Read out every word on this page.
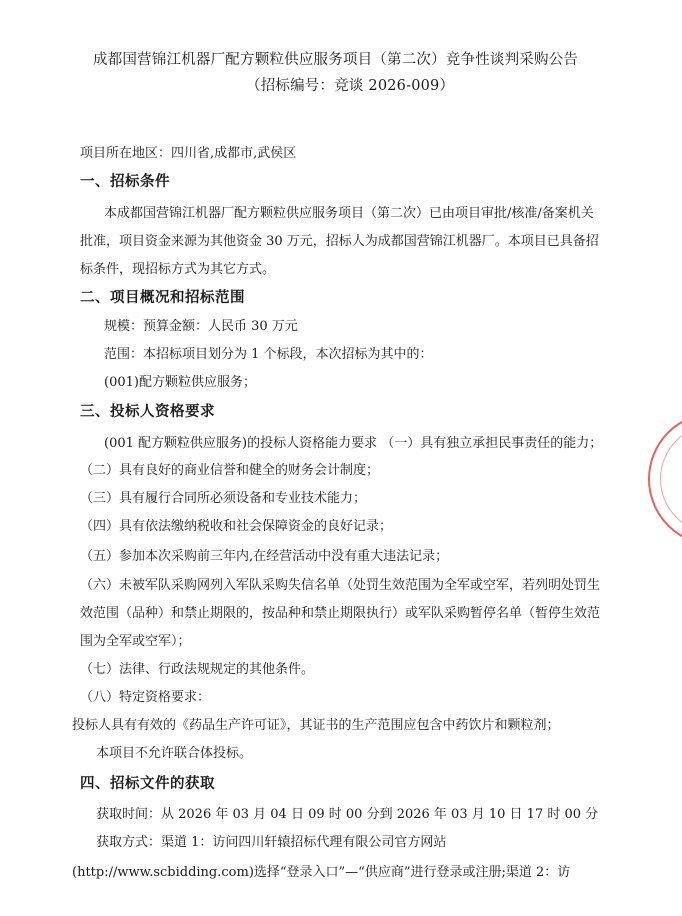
成都国营锦江机器厂配方颗粒供应服务项目（第二次）竞争性谈判采购公告
（招标编号：竞谈 2026-009）
项目所在地区：四川省,成都市,武侯区
一、招标条件
本成都国营锦江机器厂配方颗粒供应服务项目（第二次）已由项目审批/核准/备案机关
批准，项目资金来源为其他资金 30 万元，招标人为成都国营锦江机器厂。本项目已具备招
标条件，现招标方式为其它方式。
二、项目概况和招标范围
规模：预算金额：人民币 30 万元
范围：本招标项目划分为 1 个标段，本次招标为其中的：
(001)配方颗粒供应服务；
三、投标人资格要求
(001 配方颗粒供应服务)的投标人资格能力要求 （一）具有独立承担民事责任的能力；
（二）具有良好的商业信誉和健全的财务会计制度；
（三）具有履行合同所必须设备和专业技术能力；
（四）具有依法缴纳税收和社会保障资金的良好记录；
（五）参加本次采购前三年内,在经营活动中没有重大违法记录；
（六）未被军队采购网列入军队采购失信名单（处罚生效范围为全军或空军，若列明处罚生
效范围（品种）和禁止期限的，按品种和禁止期限执行）或军队采购暂停名单（暂停生效范
围为全军或空军）；
（七）法律、行政法规规定的其他条件。
（八）特定资格要求：
投标人具有有效的《药品生产许可证》，其证书的生产范围应包含中药饮片和颗粒剂；
本项目不允许联合体投标。
四、招标文件的获取
获取时间：从 2026 年 03 月 04 日 09 时 00 分到 2026 年 03 月 10 日 17 时 00 分
获取方式：渠道 1：访问四川轩辕招标代理有限公司官方网站
(http://www.scbidding.com)选择“登录入口”—“供应商”进行登录或注册;渠道 2：访
